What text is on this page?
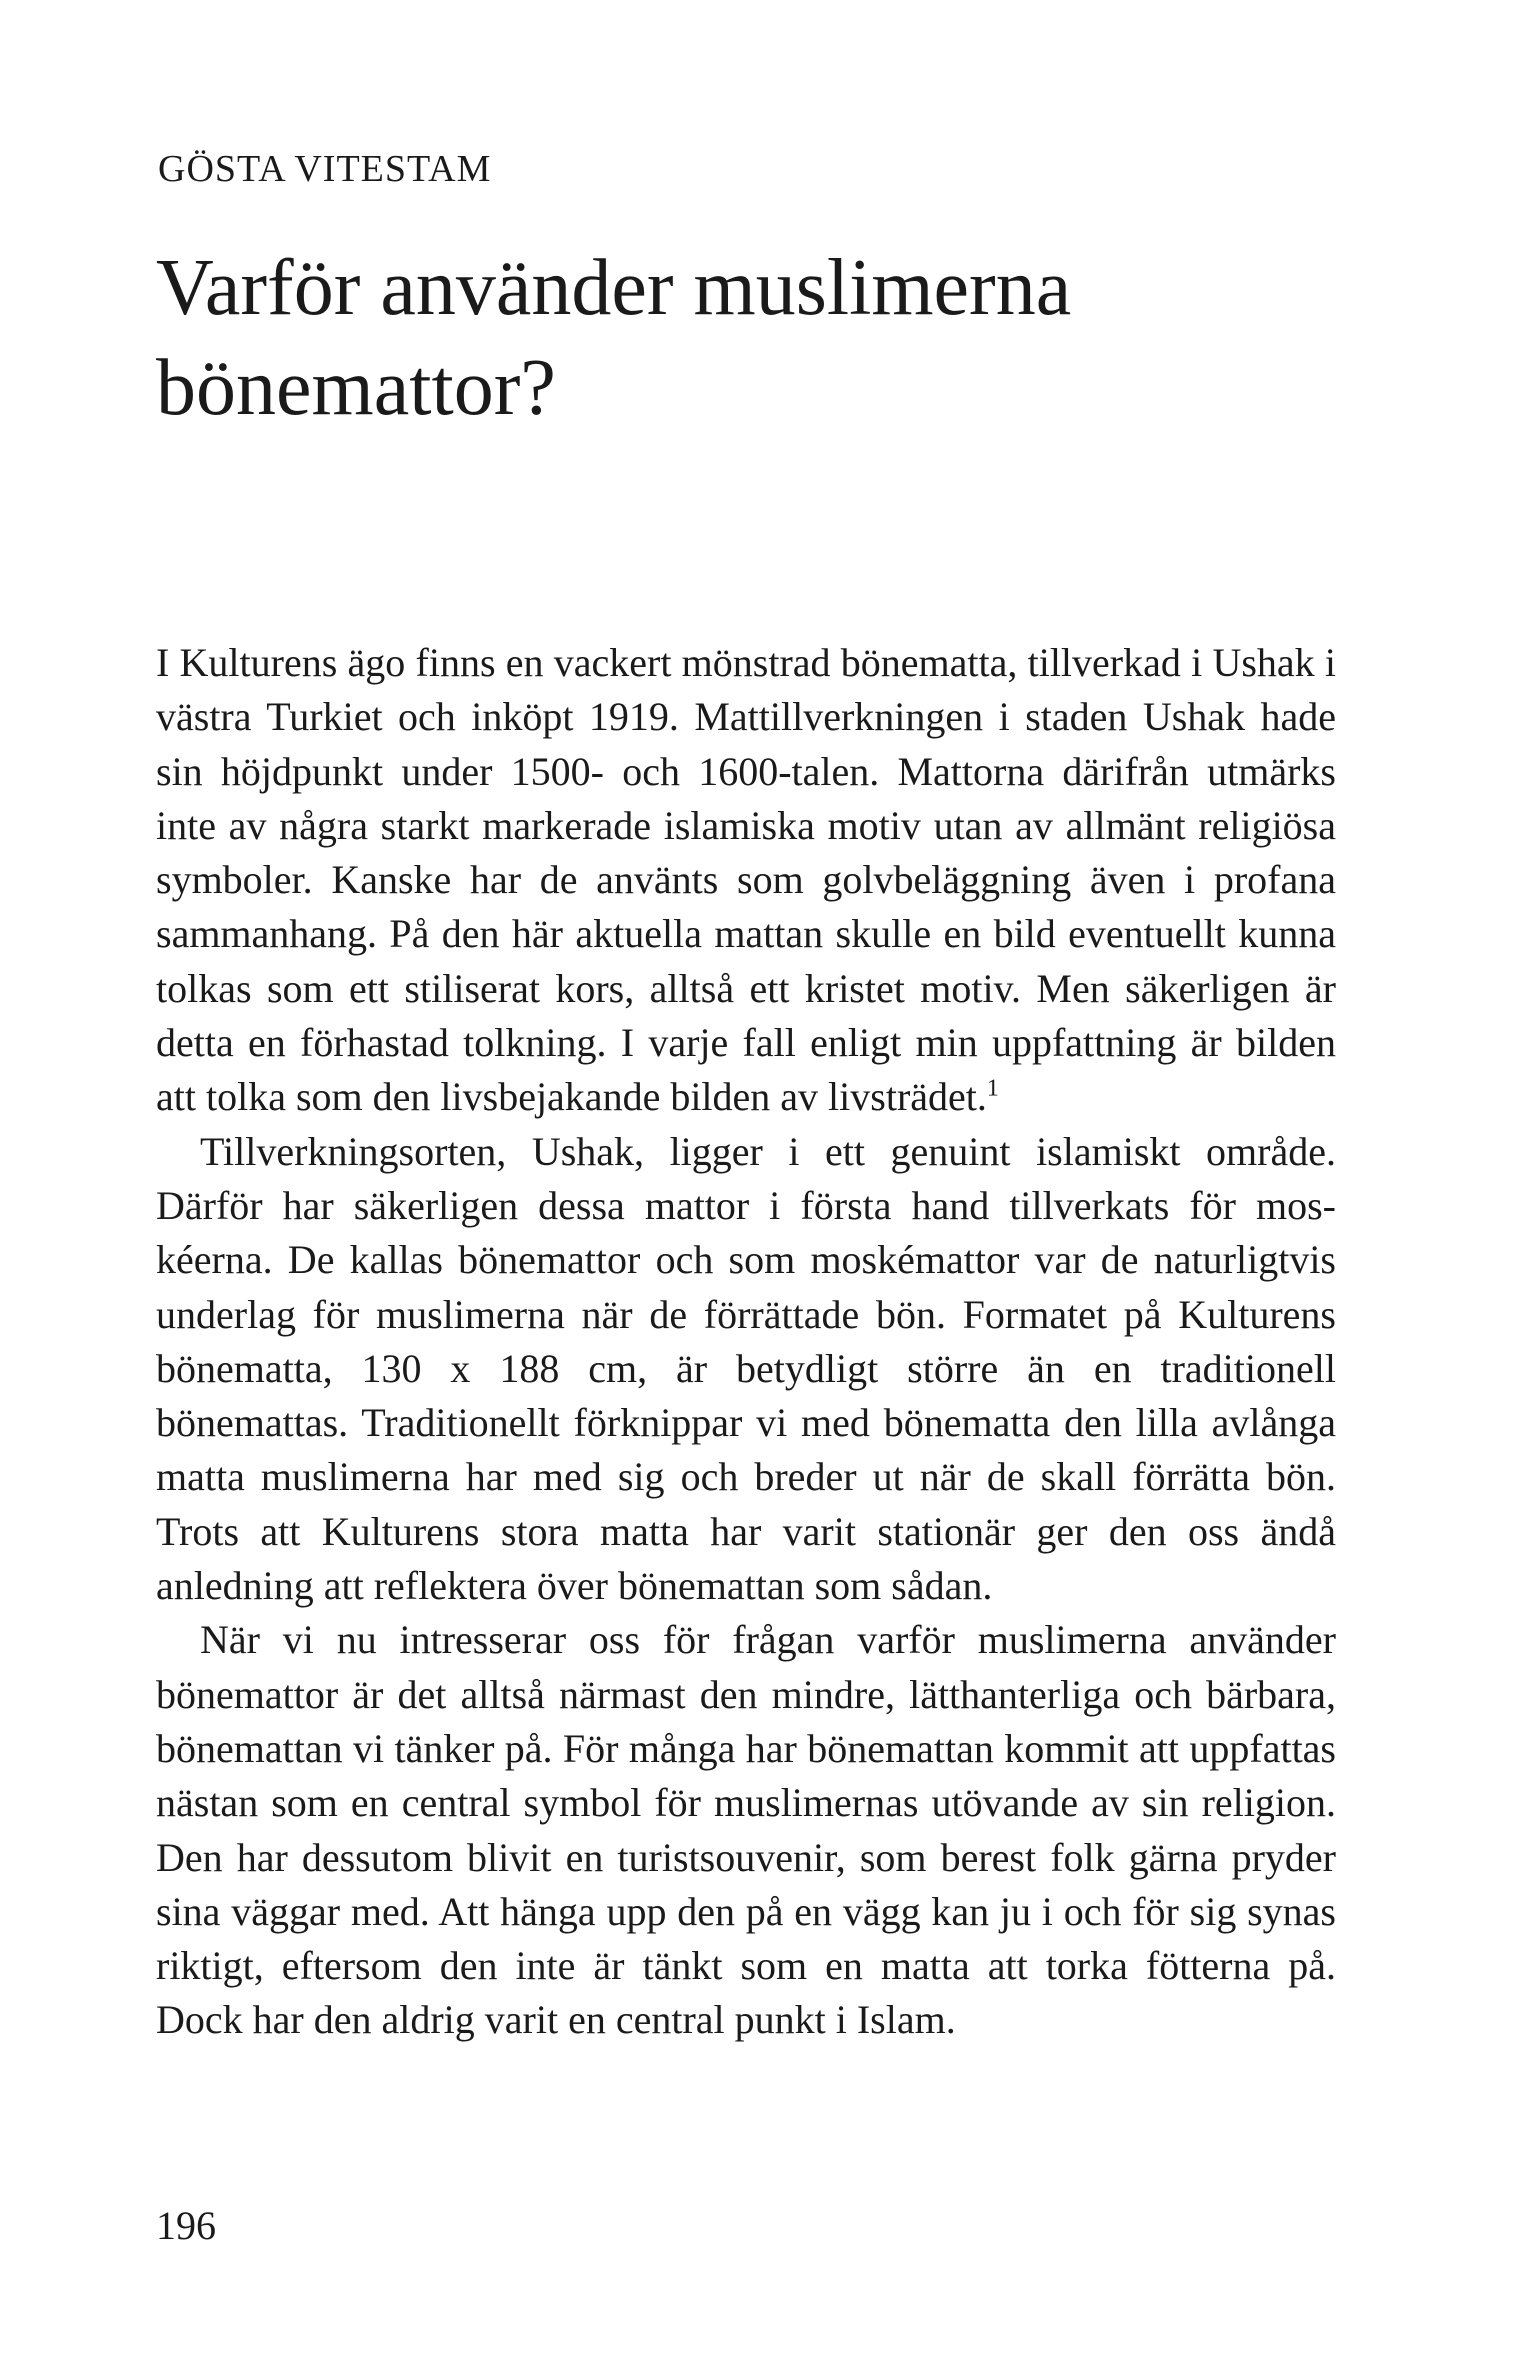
GÖSTA VITESTAM
Varför använder muslimerna bönemattor?

I Kulturens ägo finns en vackert mönstrad bönematta, tillverkad i Ushak i västra Turkiet och inköpt 1919. Mattillverkningen i staden Ushak hade sin höjdpunkt under 1500- och 1600-talen. Mattorna därifrån utmärks inte av några starkt markerade islamiska motiv utan av allmänt religiösa symboler. Kanske har de använts som golvbeläggning även i profana sammanhang. På den här aktuella mattan skulle en bild eventuellt kunna tolkas som ett stiliserat kors, alltså ett kristet motiv. Men säkerligen är detta en förhastad tolkning. I varje fall enligt min uppfattning är bilden att tolka som den livsbejakande bilden av livsträdet.$^1$

Tillverkningsorten, Ushak, ligger i ett genuint islamiskt område. Därför har säkerligen dessa mattor i första hand tillverkats för moskéerna. De kallas bönemattor och som moskémattor var de naturligtvis underlag för muslimerna när de förrättade bön. Formatet på Kulturens bönematta, 130 x 188 cm, är betydligt större än en traditionell bönemattas. Traditionellt förknippar vi med bönematta den lilla avlånga matta muslimerna har med sig och breder ut när de skall förrätta bön. Trots att Kulturens stora matta har varit stationär ger den oss ändå anledning att reflektera över bönemattan som sådan.

När vi nu intresserar oss för frågan varför muslimerna använder bönemattor är det alltså närmast den mindre, lätthanterliga och bärbara, bönemattan vi tänker på. För många har bönemattan kommit att uppfattas nästan som en central symbol för muslimernas utövande av sin religion. Den har dessutom blivit en turistsouvenir, som berest folk gärna pryder sina väggar med. Att hänga upp den på en vägg kan ju i och för sig synas riktigt, eftersom den inte är tänkt som en matta att torka fötterna på. Dock har den aldrig varit en central punkt i Islam.

196
